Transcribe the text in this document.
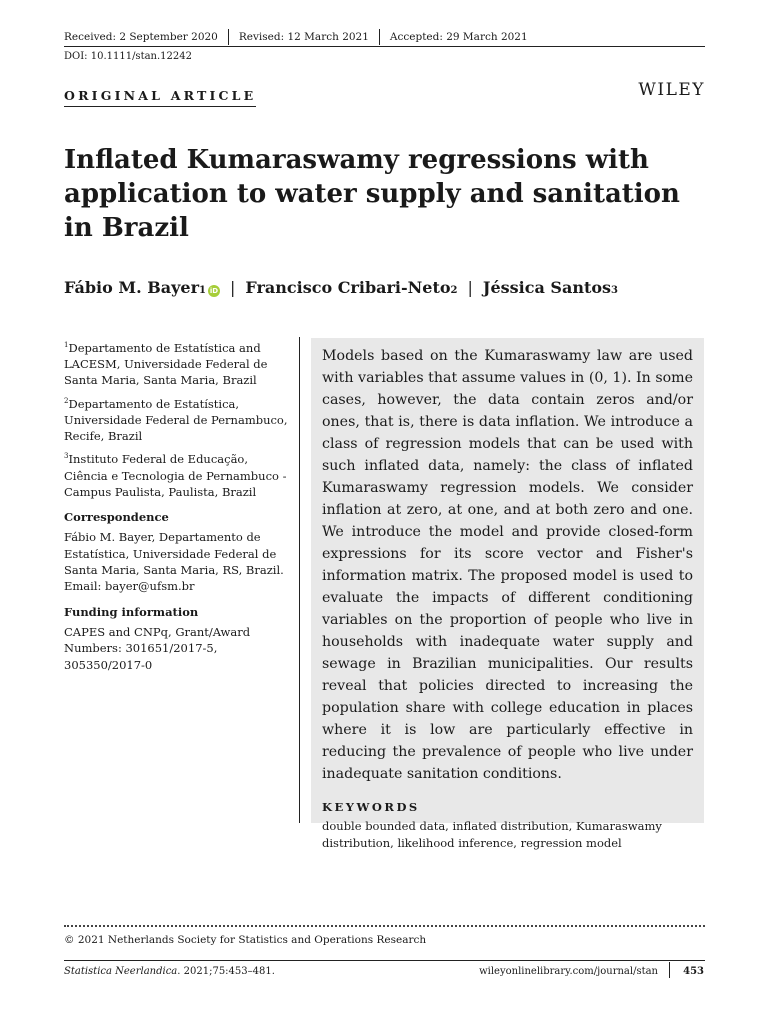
Received: 2 September 2020 Revised: 12 March 2021 Accepted: 29 March 2021
DOI: 10.1111/stan.12242
ORIGINAL ARTICLE	WILEY
Inflated Kumaraswamy regressions with application to water supply and sanitation in Brazil
Fábio M. Bayer 1 iD | Francisco Cribari-Neto 2 | Jéssica Santos 3

$^1$Departamento de Estatística and LACESM, Universidade Federal de Santa Maria, Santa Maria, Brazil

$^2$Departamento de Estatística, Universidade Federal de Pernambuco, Recife, Brazil

$^3$Instituto Federal de Educação, Ciência e Tecnologia de Pernambuco - Campus Paulista, Paulista, Brazil

Correspondence

Fábio M. Bayer, Departamento de Estatística, Universidade Federal de Santa Maria, Santa Maria, RS, Brazil.
Email: bayer@ufsm.br

Funding information

CAPES and CNPq, Grant/Award Numbers: 301651/2017-5, 305350/2017-0

Models based on the Kumaraswamy law are used with variables that assume values in (0, 1). In some cases, however, the data contain zeros and/or ones, that is, there is data inflation. We introduce a class of regression models that can be used with such inflated data, namely: the class of inflated Kumaraswamy regression models. We consider inflation at zero, at one, and at both zero and one. We introduce the model and provide closed-form expressions for its score vector and Fisher's information matrix. The proposed model is used to evaluate the impacts of different conditioning variables on the proportion of people who live in households with inadequate water supply and sewage in Brazilian municipalities. Our results reveal that policies directed to increasing the population share with college education in places where it is low are particularly effective in reducing the prevalence of people who live under inadequate sanitation conditions.

KEYWORDS
double bounded data, inflated distribution, Kumaraswamy distribution, likelihood inference, regression model
© 2021 Netherlands Society for Statistics and Operations Research
Statistica Neerlandica. 2021;75:453–481.	wileyonlinelibrary.com/journal/stan	453
